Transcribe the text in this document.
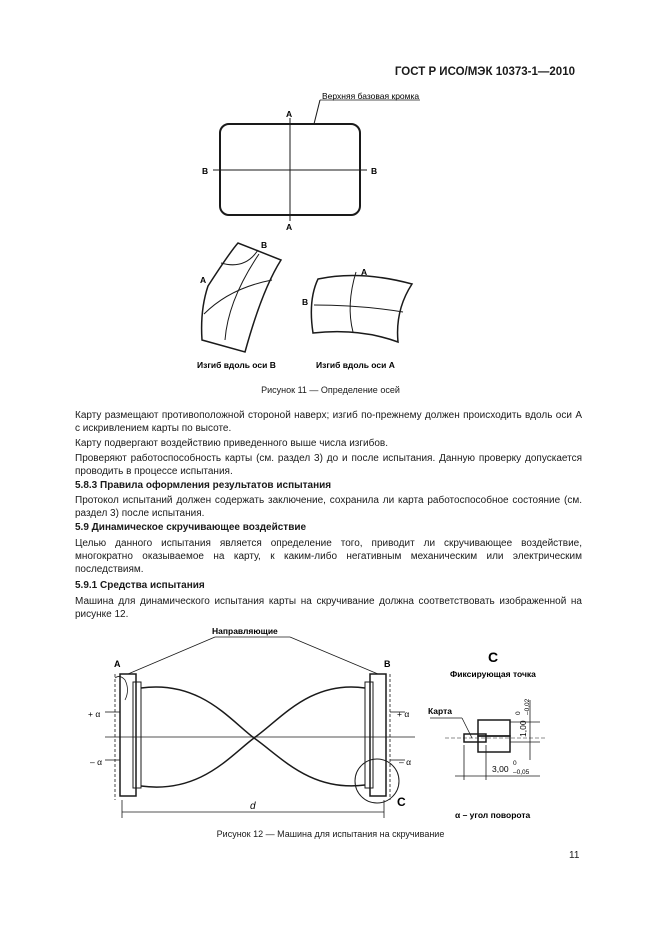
ГОСТ Р ИСО/МЭК 10373-1—2010
Верхняя базовая кромка
A
A
B	B
A
B
Изгиб вдоль оси B
A
B
Изгиб вдоль оси A
Направляющие
A	B
+ α
– α
+ α
– α
d	C
C
Фиксирующая точка
Карта
1,00
0 –0,02
3,00
0
–0,05
α – угол поворота
Рисунок 11 — Определение осей
Карту размещают противоположной стороной наверх; изгиб по-прежнему должен происходить вдоль оси А с искривлением карты по высоте.
Карту подвергают воздействию приведенного выше числа изгибов.
Проверяют работоспособность карты (см. раздел 3) до и после испытания. Данную проверку допускается проводить в процессе испытания.
5.8.3 Правила оформления результатов испытания
Протокол испытаний должен содержать заключение, сохранила ли карта работоспособное состояние (см. раздел 3) после испытания.
5.9 Динамическое скручивающее воздействие
Целью данного испытания является определение того, приводит ли скручивающее воздействие, многократно оказываемое на карту, к каким-либо негативным механическим или электрическим последствиям.
5.9.1 Средства испытания
Машина для динамического испытания карты на скручивание должна соответствовать изображенной на рисунке 12.
Рисунок 12 — Машина для испытания на скручивание
11
